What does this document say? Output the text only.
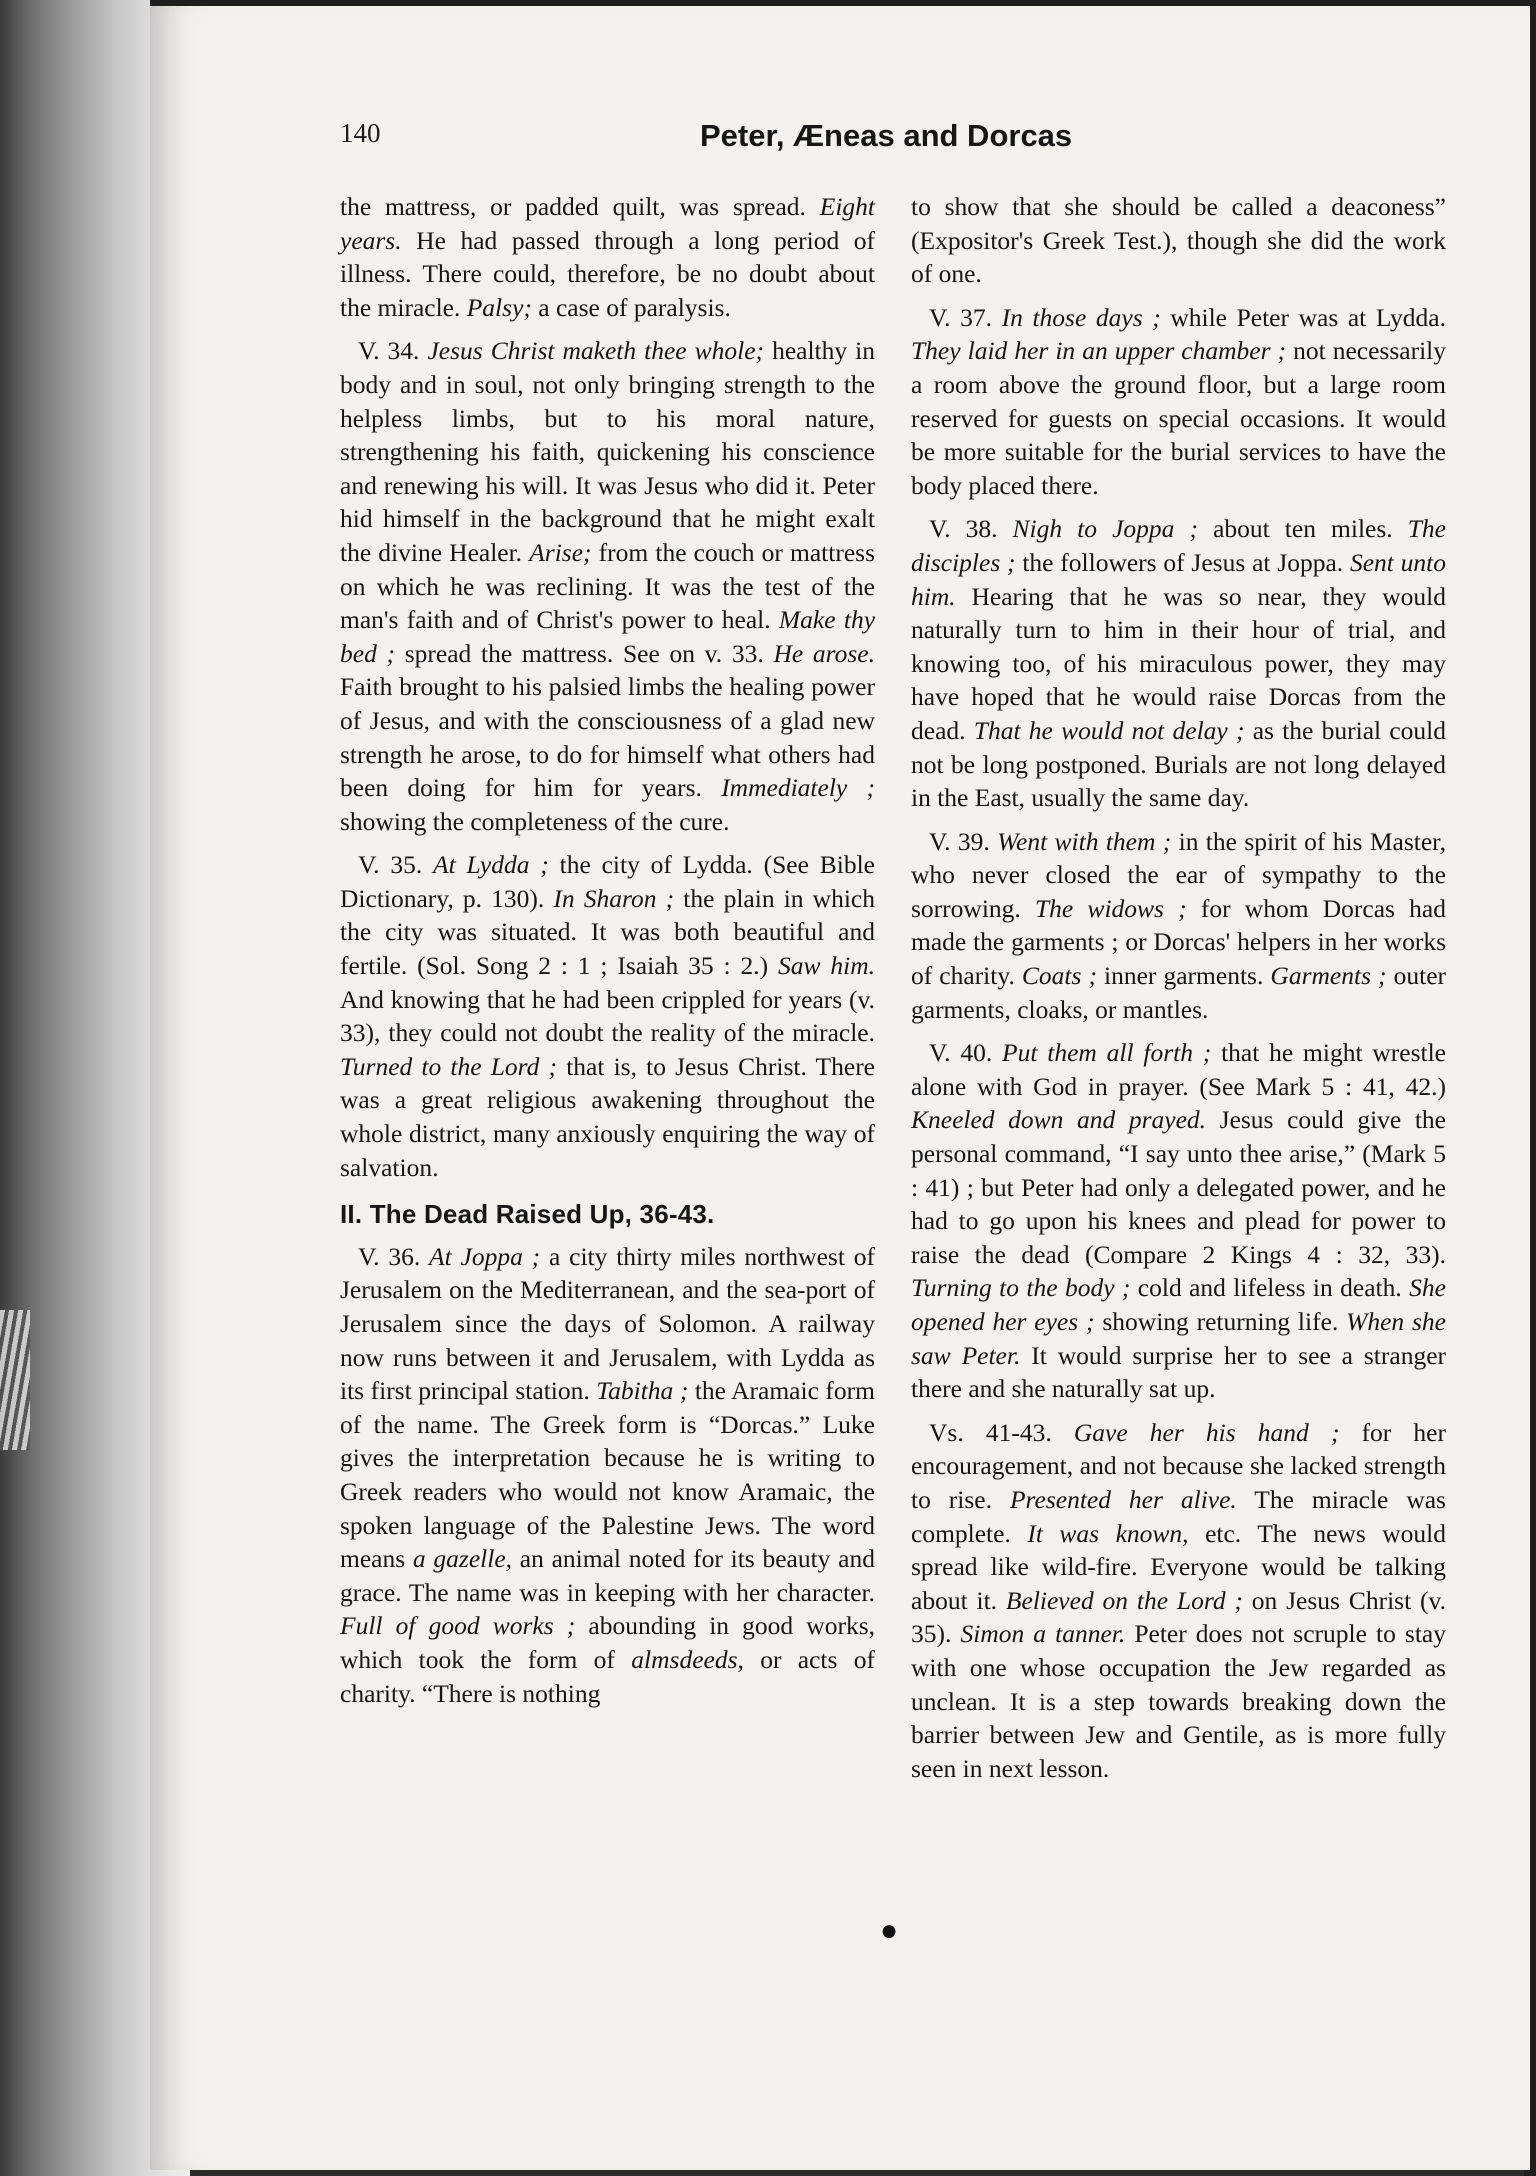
140	Peter, Æneas and Dorcas

the mattress, or padded quilt, was spread. Eight years. He had passed through a long period of illness. There could, therefore, be no doubt about the miracle. Palsy; a case of paralysis.

V. 34. Jesus Christ maketh thee whole; healthy in body and in soul, not only bringing strength to the helpless limbs, but to his moral nature, strengthening his faith, quickening his conscience and renewing his will. It was Jesus who did it. Peter hid himself in the background that he might exalt the divine Healer. Arise; from the couch or mattress on which he was reclining. It was the test of the man's faith and of Christ's power to heal. Make thy bed ; spread the mattress. See on v. 33. He arose. Faith brought to his palsied limbs the healing power of Jesus, and with the consciousness of a glad new strength he arose, to do for himself what others had been doing for him for years. Immediately ; showing the completeness of the cure.

V. 35. At Lydda ; the city of Lydda. (See Bible Dictionary, p. 130). In Sharon ; the plain in which the city was situated. It was both beautiful and fertile. (Sol. Song 2 : 1 ; Isaiah 35 : 2.) Saw him. And knowing that he had been crippled for years (v. 33), they could not doubt the reality of the miracle. Turned to the Lord ; that is, to Jesus Christ. There was a great religious awakening throughout the whole district, many anxiously enquiring the way of salvation.

II. The Dead Raised Up, 36-43.

V. 36. At Joppa ; a city thirty miles northwest of Jerusalem on the Mediterranean, and the sea-port of Jerusalem since the days of Solomon. A railway now runs between it and Jerusalem, with Lydda as its first principal station. Tabitha ; the Aramaic form of the name. The Greek form is “Dorcas.” Luke gives the interpretation because he is writing to Greek readers who would not know Aramaic, the spoken language of the Palestine Jews. The word means a gazelle, an animal noted for its beauty and grace. The name was in keeping with her character. Full of good works ; abounding in good works, which took the form of almsdeeds, or acts of charity. “There is nothing

to show that she should be called a deaconess” (Expositor's Greek Test.), though she did the work of one.

V. 37. In those days ; while Peter was at Lydda. They laid her in an upper chamber ; not necessarily a room above the ground floor, but a large room reserved for guests on special occasions. It would be more suitable for the burial services to have the body placed there.

V. 38. Nigh to Joppa ; about ten miles. The disciples ; the followers of Jesus at Joppa. Sent unto him. Hearing that he was so near, they would naturally turn to him in their hour of trial, and knowing too, of his miraculous power, they may have hoped that he would raise Dorcas from the dead. That he would not delay ; as the burial could not be long postponed. Burials are not long delayed in the East, usually the same day.

V. 39. Went with them ; in the spirit of his Master, who never closed the ear of sympathy to the sorrowing. The widows ; for whom Dorcas had made the garments ; or Dorcas' helpers in her works of charity. Coats ; inner garments. Garments ; outer garments, cloaks, or mantles.

V. 40. Put them all forth ; that he might wrestle alone with God in prayer. (See Mark 5 : 41, 42.) Kneeled down and prayed. Jesus could give the personal command, “I say unto thee arise,” (Mark 5 : 41) ; but Peter had only a delegated power, and he had to go upon his knees and plead for power to raise the dead (Compare 2 Kings 4 : 32, 33). Turning to the body ; cold and lifeless in death. She opened her eyes ; showing returning life. When she saw Peter. It would surprise her to see a stranger there and she naturally sat up.

Vs. 41-43. Gave her his hand ; for her encouragement, and not because she lacked strength to rise. Presented her alive. The miracle was complete. It was known, etc. The news would spread like wild-fire. Everyone would be talking about it. Believed on the Lord ; on Jesus Christ (v. 35). Simon a tanner. Peter does not scruple to stay with one whose occupation the Jew regarded as unclean. It is a step towards breaking down the barrier between Jew and Gentile, as is more fully seen in next lesson.

●
